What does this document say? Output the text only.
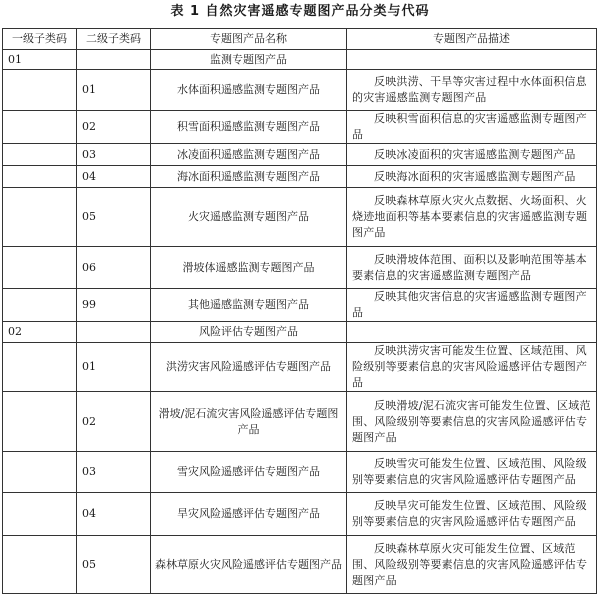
表 1 自然灾害遥感专题图产品分类与代码
一级子类码	二级子类码	专题图产品名称	专题图产品描述
01		监测专题图产品	
	01	水体面积遥感监测专题图产品	反映洪涝、干旱等灾害过程中水体面积信息的灾害遥感监测专题图产品
	02	积雪面积遥感监测专题图产品	反映积雪面积信息的灾害遥感监测专题图产品
	03	冰凌面积遥感监测专题图产品	反映冰凌面积的灾害遥感监测专题图产品
	04	海冰面积遥感监测专题图产品	反映海冰面积的灾害遥感监测专题图产品
	05	火灾遥感监测专题图产品	反映森林草原火灾火点数据、火场面积、火烧迹地面积等基本要素信息的灾害遥感监测专题图产品
	06	滑坡体遥感监测专题图产品	反映滑坡体范围、面积以及影响范围等基本要素信息的灾害遥感监测专题图产品
	99	其他遥感监测专题图产品	反映其他灾害信息的灾害遥感监测专题图产品
02		风险评估专题图产品	
	01	洪涝灾害风险遥感评估专题图产品	反映洪涝灾害可能发生位置、区域范围、风险级别等要素信息的灾害风险遥感评估专题图产品
	02	滑坡/泥石流灾害风险遥感评估专题图产品	反映滑坡/泥石流灾害可能发生位置、区域范围、风险级别等要素信息的灾害风险遥感评估专题图产品
	03	雪灾风险遥感评估专题图产品	反映雪灾可能发生位置、区域范围、风险级别等要素信息的灾害风险遥感评估专题图产品
	04	旱灾风险遥感评估专题图产品	反映旱灾可能发生位置、区域范围、风险级别等要素信息的灾害风险遥感评估专题图产品
	05	森林草原火灾风险遥感评估专题图产品	反映森林草原火灾可能发生位置、区域范围、风险级别等要素信息的灾害风险遥感评估专题图产品
